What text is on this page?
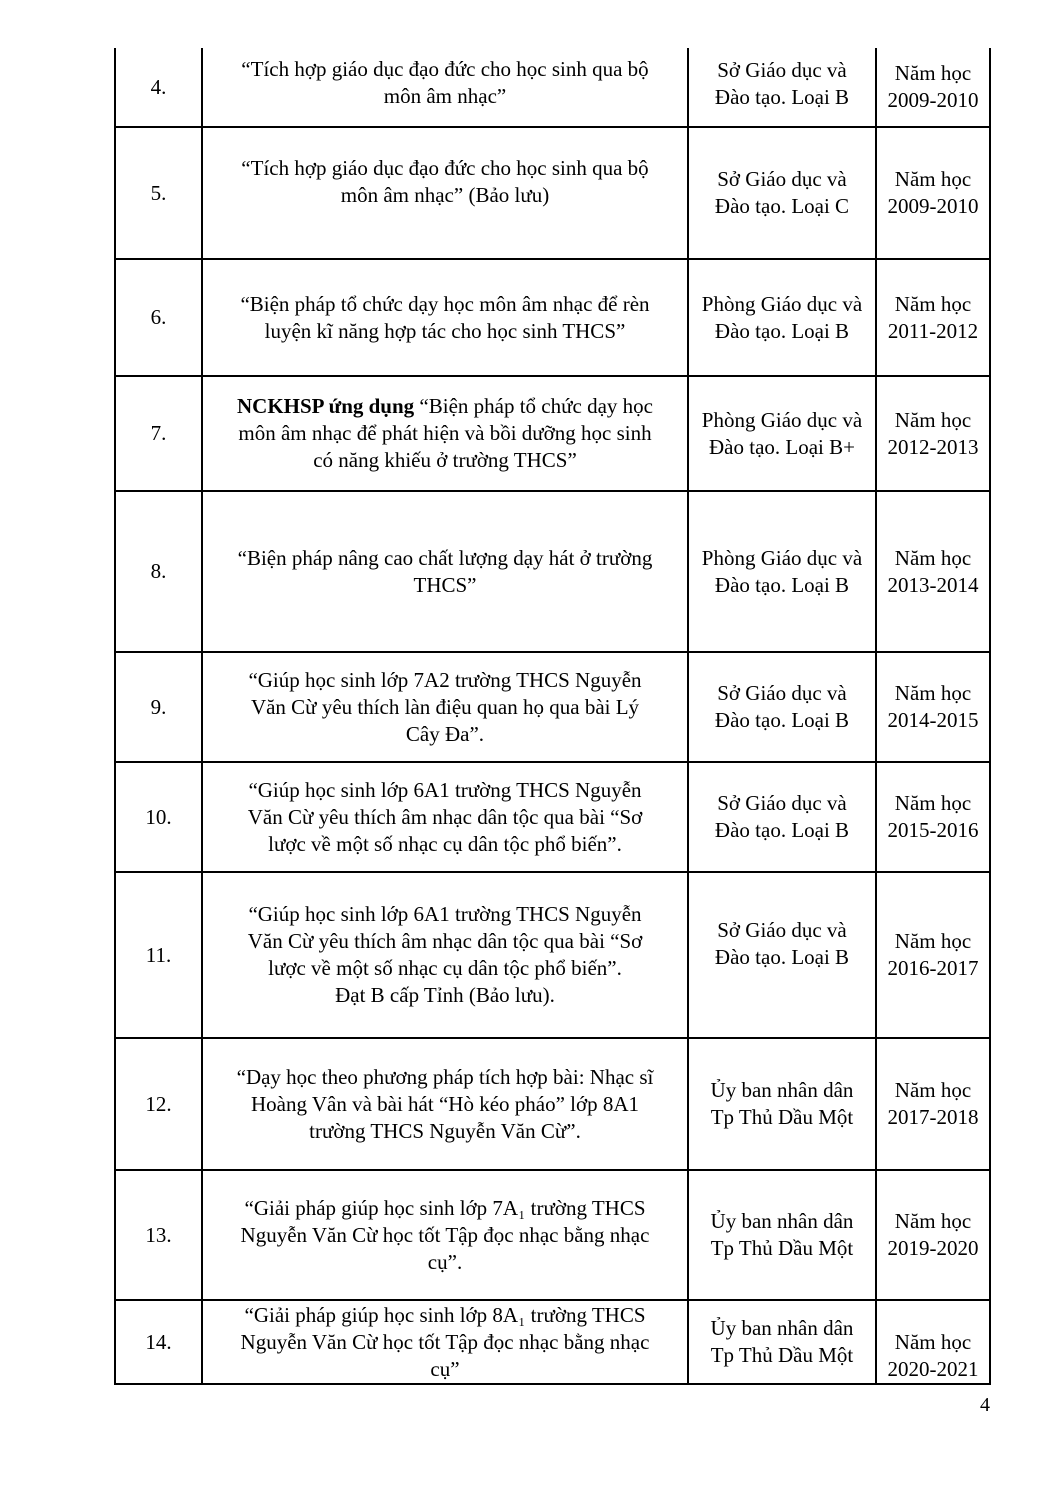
4.	“Tích hợp giáo dục đạo đức cho học sinh qua bộ
môn âm nhạc”	Sở Giáo dục và
Đào tạo. Loại B	Năm học
2009-2010

5.	“Tích hợp giáo dục đạo đức cho học sinh qua bộ
môn âm nhạc” (Bảo lưu)	Sở Giáo dục và
Đào tạo. Loại C	Năm học
2009-2010

6.	“Biện pháp tổ chức dạy học môn âm nhạc để rèn
luyện kĩ năng hợp tác cho học sinh THCS”	Phòng Giáo dục và
Đào tạo. Loại B	Năm học
2011-2012

7.	NCKHSP ứng dụng “Biện pháp tổ chức dạy học
môn âm nhạc để phát hiện và bồi dưỡng học sinh
có năng khiếu ở trường THCS”	Phòng Giáo dục và
Đào tạo. Loại B+	Năm học
2012-2013

8.	“Biện pháp nâng cao chất lượng dạy hát ở trường
THCS”	Phòng Giáo dục và
Đào tạo. Loại B	Năm học
2013-2014

9.	“Giúp học sinh lớp 7A2 trường THCS Nguyễn
Văn Cừ yêu thích làn điệu quan họ qua bài Lý
Cây Đa”.	Sở Giáo dục và
Đào tạo. Loại B	Năm học
2014-2015

10.	“Giúp học sinh lớp 6A1 trường THCS Nguyễn
Văn Cừ yêu thích âm nhạc dân tộc qua bài “Sơ
lược về một số nhạc cụ dân tộc phổ biến”.	Sở Giáo dục và
Đào tạo. Loại B	Năm học
2015-2016

11.	“Giúp học sinh lớp 6A1 trường THCS Nguyễn
Văn Cừ yêu thích âm nhạc dân tộc qua bài “Sơ
lược về một số nhạc cụ dân tộc phổ biến”.
Đạt B cấp Tỉnh (Bảo lưu).	Sở Giáo dục và
Đào tạo. Loại B	Năm học
2016-2017

12.	“Dạy học theo phương pháp tích hợp bài: Nhạc sĩ
Hoàng Vân và bài hát “Hò kéo pháo” lớp 8A1
trường THCS Nguyễn Văn Cừ”.	Ủy ban nhân dân
Tp Thủ Dầu Một	Năm học
2017-2018

13.	“Giải pháp giúp học sinh lớp 7A₁ trường THCS
Nguyễn Văn Cừ học tốt Tập đọc nhạc bằng nhạc
cụ”.	Ủy ban nhân dân
Tp Thủ Dầu Một	Năm học
2019-2020

14.	“Giải pháp giúp học sinh lớp 8A₁ trường THCS
Nguyễn Văn Cừ học tốt Tập đọc nhạc bằng nhạc
cụ”	Ủy ban nhân dân
Tp Thủ Dầu Một	Năm học
2020-2021
4
